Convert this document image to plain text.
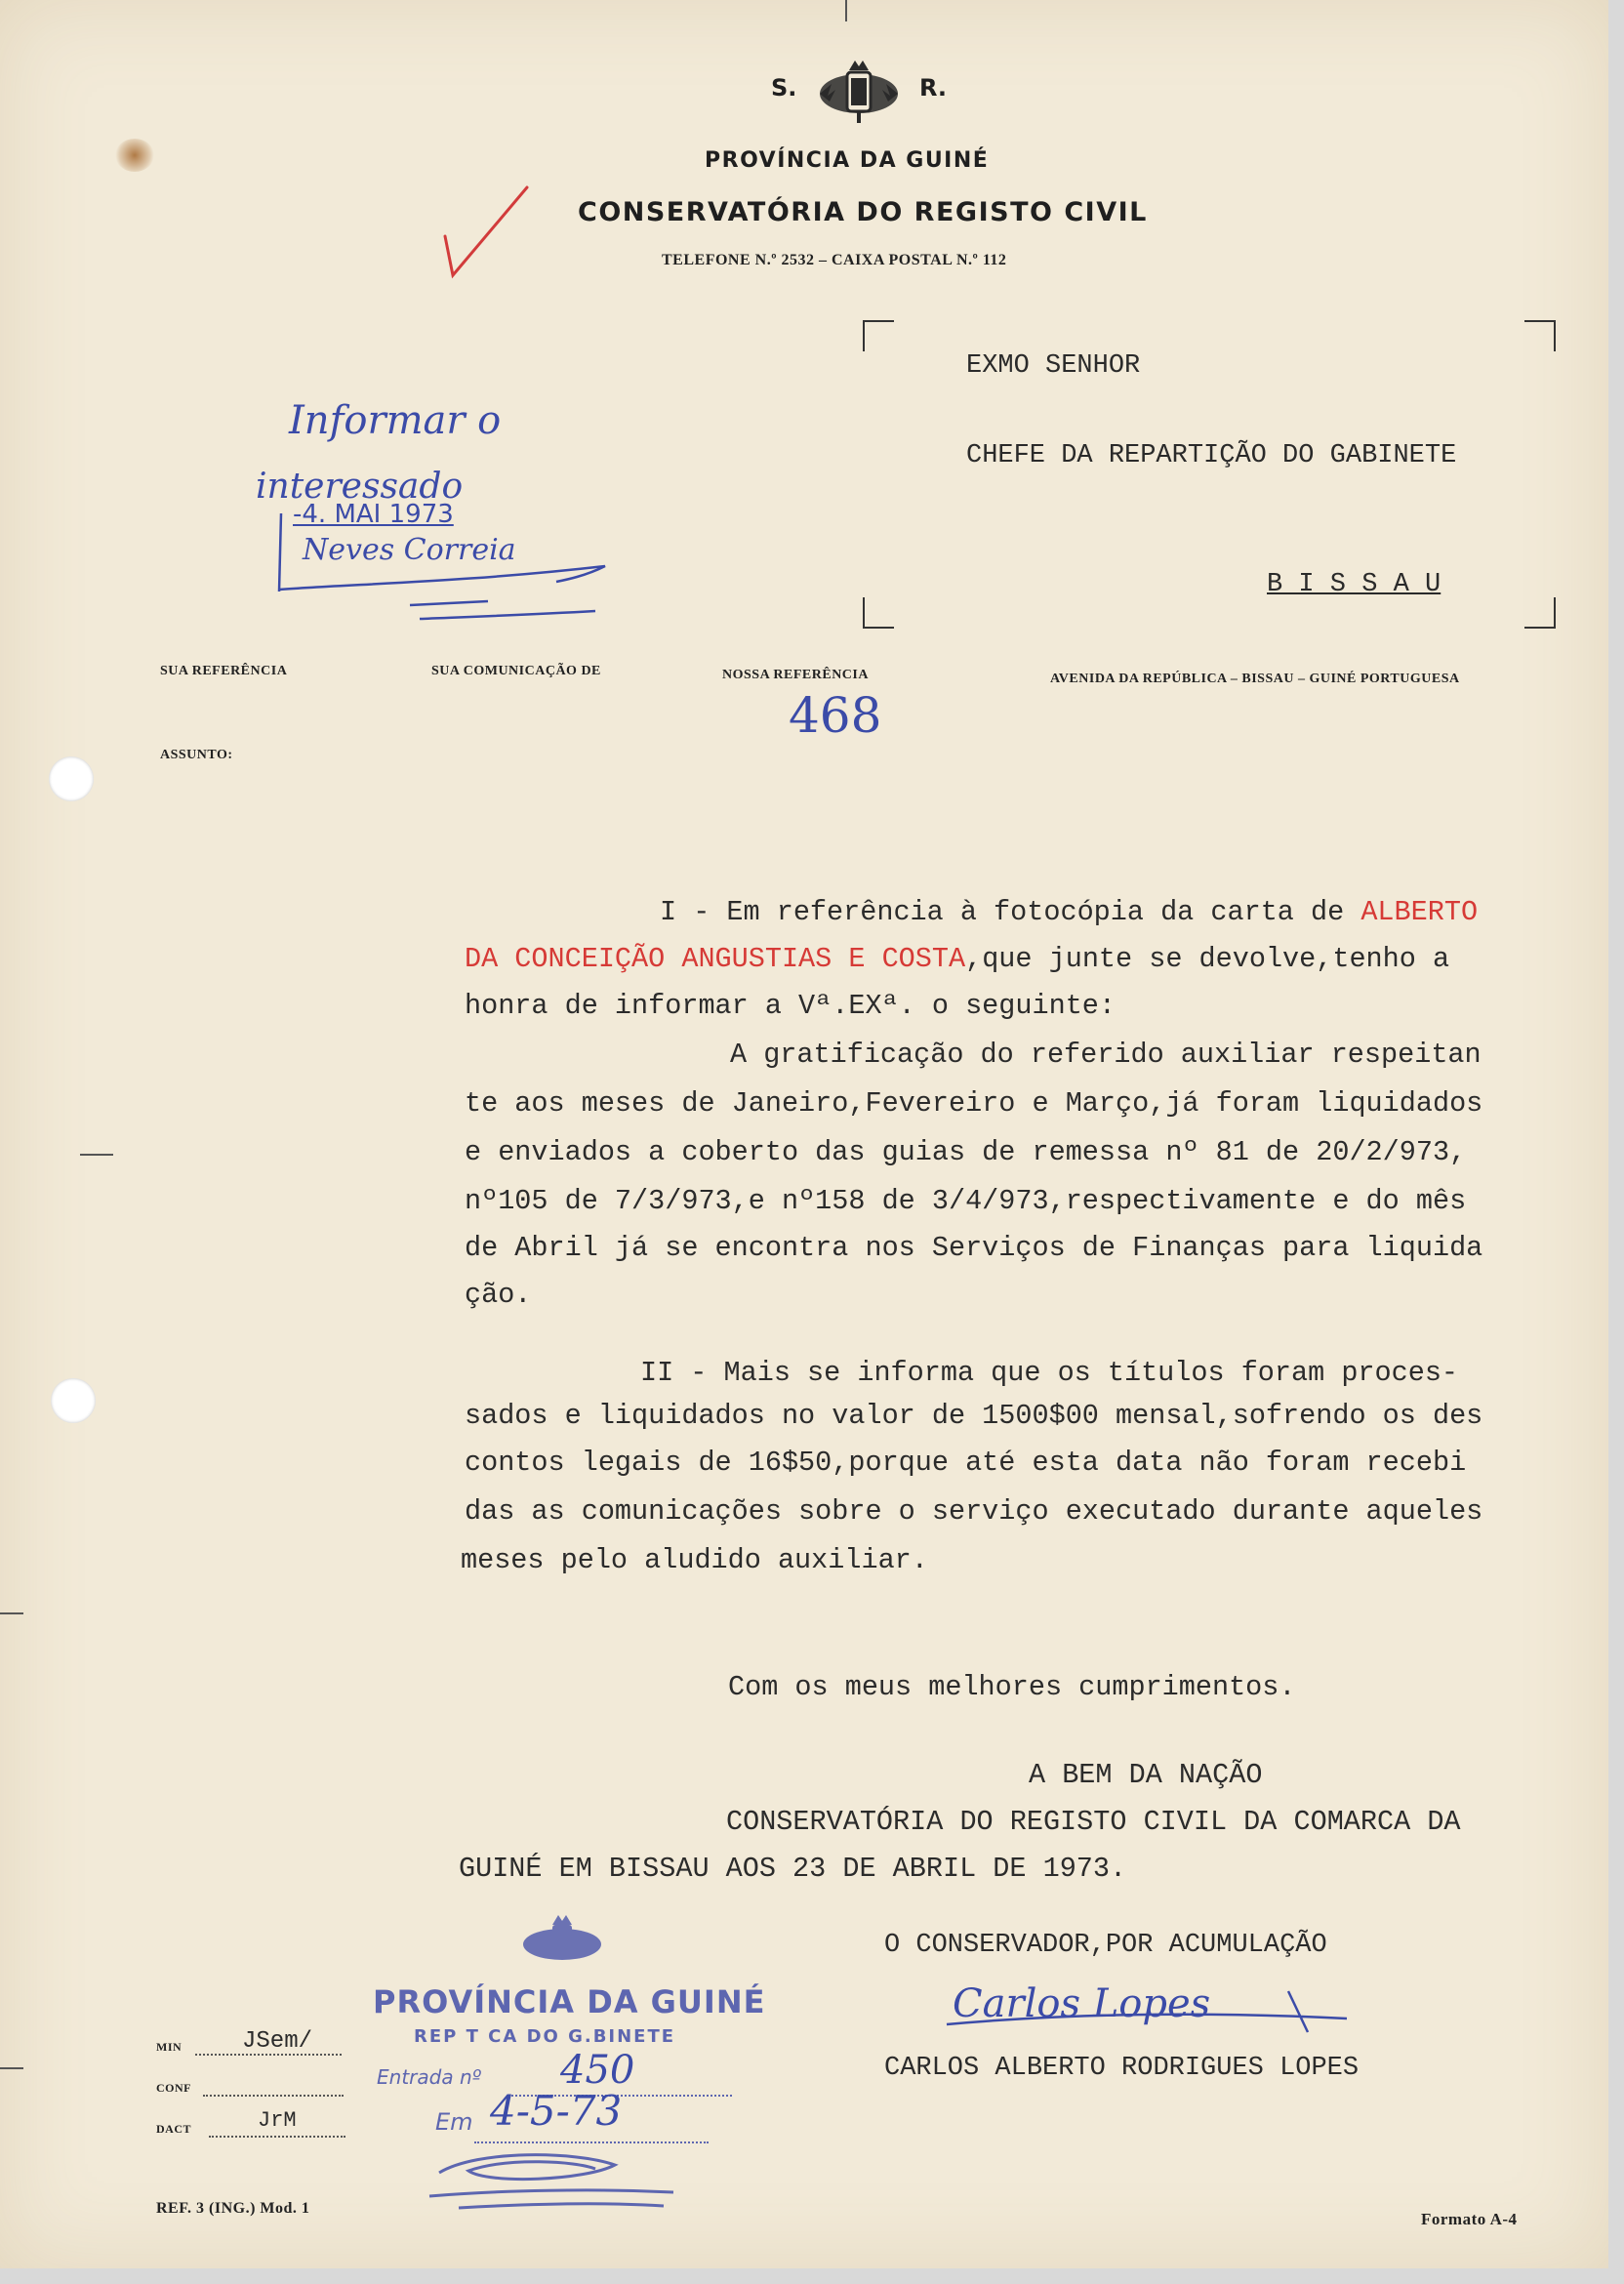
S.	R.
PROVÍNCIA DA GUINÉ
CONSERVATÓRIA DO REGISTO CIVIL
TELEFONE N.º 2532 – CAIXA POSTAL N.º 112
EXMO SENHOR
CHEFE DA REPARTIÇÃO DO GABINETE
B I S S A U
Informar o
interessado
-4. MAI 1973
Neves Correia
SUA REFERÊNCIA	SUA COMUNICAÇÃO DE	NOSSA REFERÊNCIA	AVENIDA DA REPÚBLICA – BISSAU – GUINÉ PORTUGUESA
468
ASSUNTO:
I - Em referência à fotocópia da carta de ALBERTO
DA CONCEIÇÃO ANGUSTIAS E COSTA,que junte se devolve,tenho a
honra de informar a Vª.EXª. o seguinte:
A gratificação do referido auxiliar respeitan
te aos meses de Janeiro,Fevereiro e Março,já foram liquidados
e enviados a coberto das guias de remessa nº 81 de 20/2/973,
nº105 de 7/3/973,e nº158 de 3/4/973,respectivamente e do mês
de Abril já se encontra nos Serviços de Finanças para liquida
ção.
II - Mais se informa que os títulos foram proces-
sados e liquidados no valor de 1500$00 mensal,sofrendo os des
contos legais de 16$50,porque até esta data não foram recebi
das as comunicações sobre o serviço executado durante aqueles
meses pelo aludido auxiliar.
Com os meus melhores cumprimentos.
A BEM DA NAÇÃO
CONSERVATÓRIA DO REGISTO CIVIL DA COMARCA DA
GUINÉ EM BISSAU AOS 23 DE ABRIL DE 1973.
O CONSERVADOR,POR ACUMULAÇÃO
Carlos Lopes
CARLOS ALBERTO RODRIGUES LOPES
PROVÍNCIA DA GUINÉ
REP T CA DO G.BINETE
Entrada nº 450
Em 4-5-73
MIN	JSem/
CONF
DACT	JrM
REF. 3 (ING.) Mod. 1
Formato A-4
